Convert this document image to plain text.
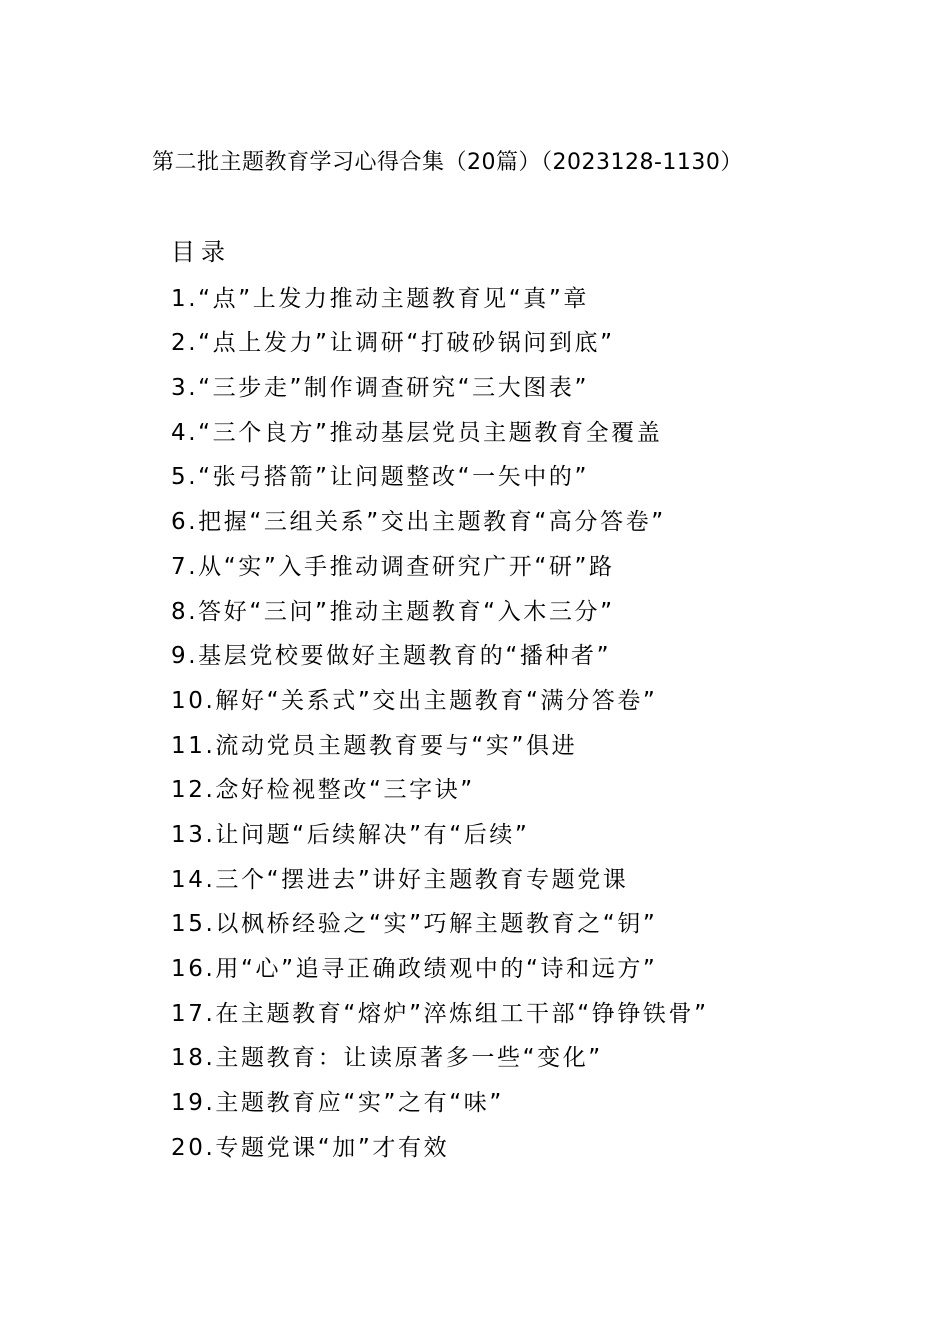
第二批主题教育学习心得合集（20篇）（2023128-1130）
目录
1.“点”上发力推动主题教育见“真”章
2.“点上发力”让调研“打破砂锅问到底”
3.“三步走”制作调查研究“三大图表”
4.“三个良方”推动基层党员主题教育全覆盖
5.“张弓搭箭”让问题整改“一矢中的”
6.把握“三组关系”交出主题教育“高分答卷”
7.从“实”入手推动调查研究广开“研”路
8.答好“三问”推动主题教育“入木三分”
9.基层党校要做好主题教育的“播种者”
10.解好“关系式”交出主题教育“满分答卷”
11.流动党员主题教育要与“实”俱进
12.念好检视整改“三字诀”
13.让问题“后续解决”有“后续”
14.三个“摆进去”讲好主题教育专题党课
15.以枫桥经验之“实”巧解主题教育之“钥”
16.用“心”追寻正确政绩观中的“诗和远方”
17.在主题教育“熔炉”淬炼组工干部“铮铮铁骨”
18.主题教育：让读原著多一些“变化”
19.主题教育应“实”之有“味”
20.专题党课“加”才有效
